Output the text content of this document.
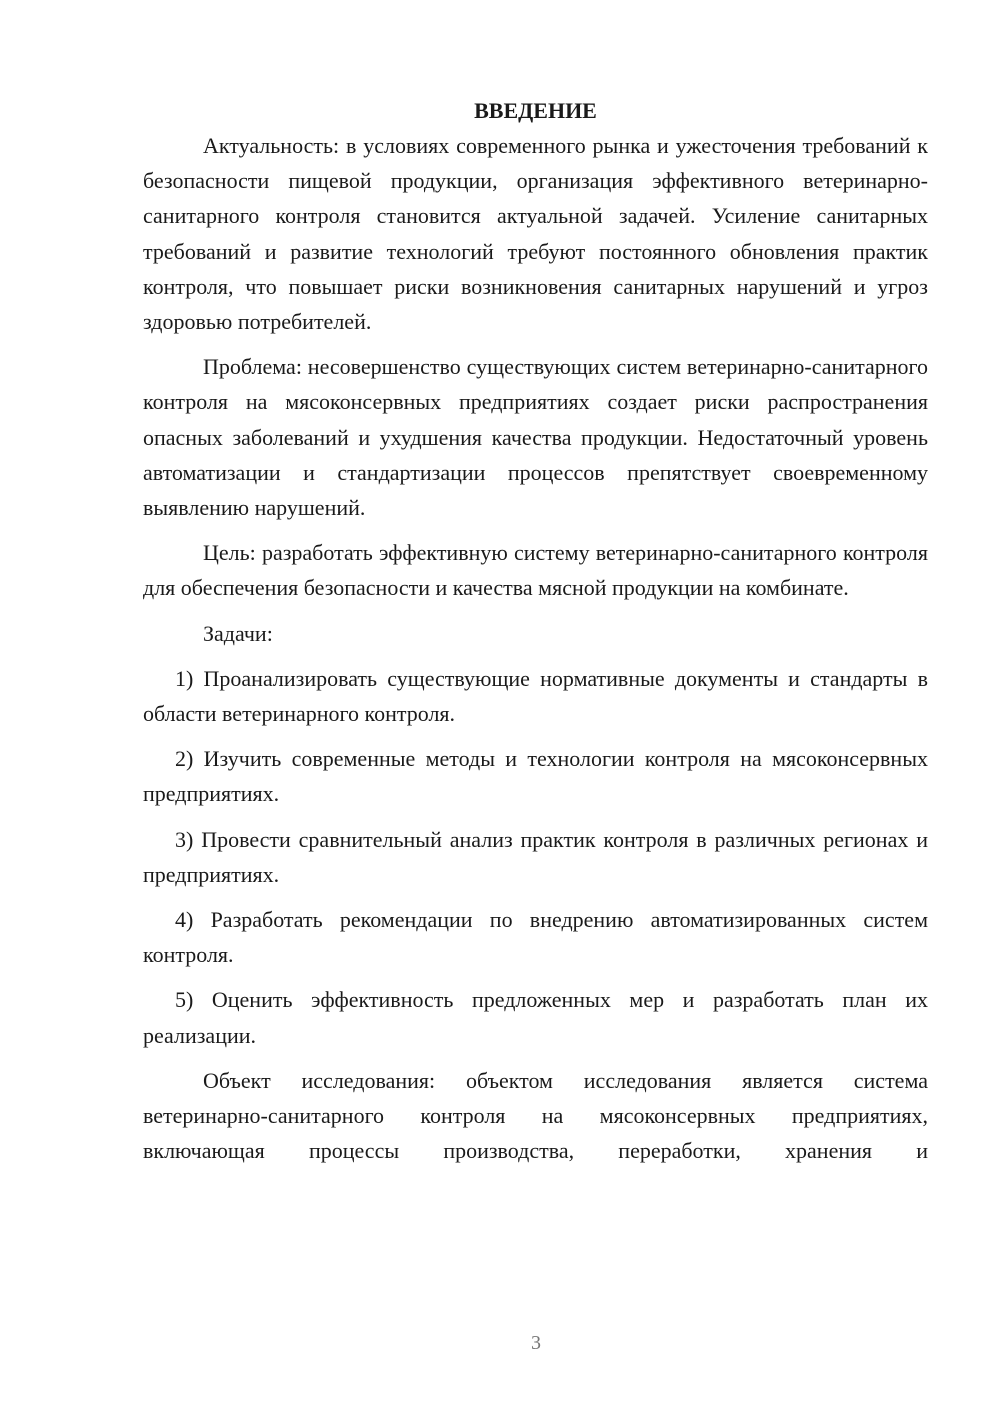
ВВЕДЕНИЕ

Актуальность: в условиях современного рынка и ужесточения требований к безопасности пищевой продукции, организация эффективного ветеринарно-санитарного контроля становится актуальной задачей. Усиление санитарных требований и развитие технологий требуют постоянного обновления практик контроля, что повышает риски возникновения санитарных нарушений и угроз здоровью потребителей.

Проблема: несовершенство существующих систем ветеринарно-санитарного контроля на мясоконсервных предприятиях создает риски распространения опасных заболеваний и ухудшения качества продукции. Недостаточный уровень автоматизации и стандартизации процессов препятствует своевременному выявлению нарушений.

Цель: разработать эффективную систему ветеринарно-санитарного контроля для обеспечения безопасности и качества мясной продукции на комбинате.

Задачи:

1) Проанализировать существующие нормативные документы и стандарты в области ветеринарного контроля.

2) Изучить современные методы и технологии контроля на мясоконсервных предприятиях.

3) Провести сравнительный анализ практик контроля в различных регионах и предприятиях.

4) Разработать рекомендации по внедрению автоматизированных систем контроля.

5) Оценить эффективность предложенных мер и разработать план их реализации.

Объект исследования: объектом исследования является система ветеринарно-санитарного контроля на мясоконсервных предприятиях, включающая процессы производства, переработки, хранения и

3
